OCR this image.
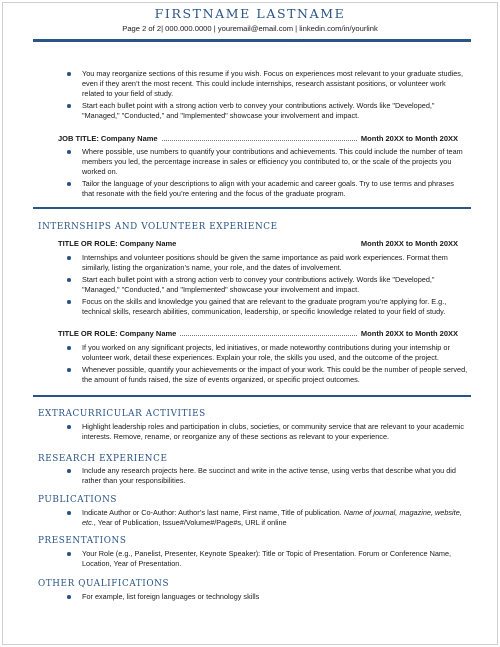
FIRSTNAME LASTNAME
Page 2 of 2| 000.000.0000 | youremail@email.com | linkedin.com/in/yourlink
You may reorganize sections of this resume if you wish. Focus on experiences most relevant to your graduate studies, even if they aren’t the most recent. This could include internships, research assistant positions, or volunteer work related to your field of study.
Start each bullet point with a strong action verb to convey your contributions actively. Words like "Developed," "Managed," "Conducted," and "Implemented" showcase your involvement and impact.
JOB TITLE: Company Name	Month 20XX to Month 20XX
Where possible, use numbers to quantify your contributions and achievements. This could include the number of team members you led, the percentage increase in sales or efficiency you contributed to, or the scale of the projects you worked on.
Tailor the language of your descriptions to align with your academic and career goals. Try to use terms and phrases that resonate with the field you’re entering and the focus of the graduate program.
INTERNSHIPS AND VOLUNTEER EXPERIENCE
TITLE OR ROLE: Company Name	Month 20XX to Month 20XX
Internships and volunteer positions should be given the same importance as paid work experiences. Format them similarly, listing the organization’s name, your role, and the dates of involvement.
Start each bullet point with a strong action verb to convey your contributions actively. Words like "Developed," "Managed," "Conducted," and "Implemented" showcase your involvement and impact.
Focus on the skills and knowledge you gained that are relevant to the graduate program you’re applying for. E.g., technical skills, research abilities, communication, leadership, or specific knowledge related to your field of study.
TITLE OR ROLE: Company Name	Month 20XX to Month 20XX
If you worked on any significant projects, led initiatives, or made noteworthy contributions during your internship or volunteer work, detail these experiences. Explain your role, the skills you used, and the outcome of the project.
Whenever possible, quantify your achievements or the impact of your work. This could be the number of people served, the amount of funds raised, the size of events organized, or specific project outcomes.
EXTRACURRICULAR ACTIVITIES
Highlight leadership roles and participation in clubs, societies, or community service that are relevant to your academic interests. Remove, rename, or reorganize any of these sections as relevant to your experience.
RESEARCH EXPERIENCE
Include any research projects here. Be succinct and write in the active tense, using verbs that describe what you did rather than your responsibilities.
PUBLICATIONS
Indicate Author or Co-Author: Author’s last name, First name, Title of publication. Name of journal, magazine, website, etc., Year of Publication, Issue#/Volume#/Page#s, URL if online
PRESENTATIONS
Your Role (e.g., Panelist, Presenter, Keynote Speaker): Title or Topic of Presentation. Forum or Conference Name, Location, Year of Presentation.
OTHER QUALIFICATIONS
For example, list foreign languages or technology skills
